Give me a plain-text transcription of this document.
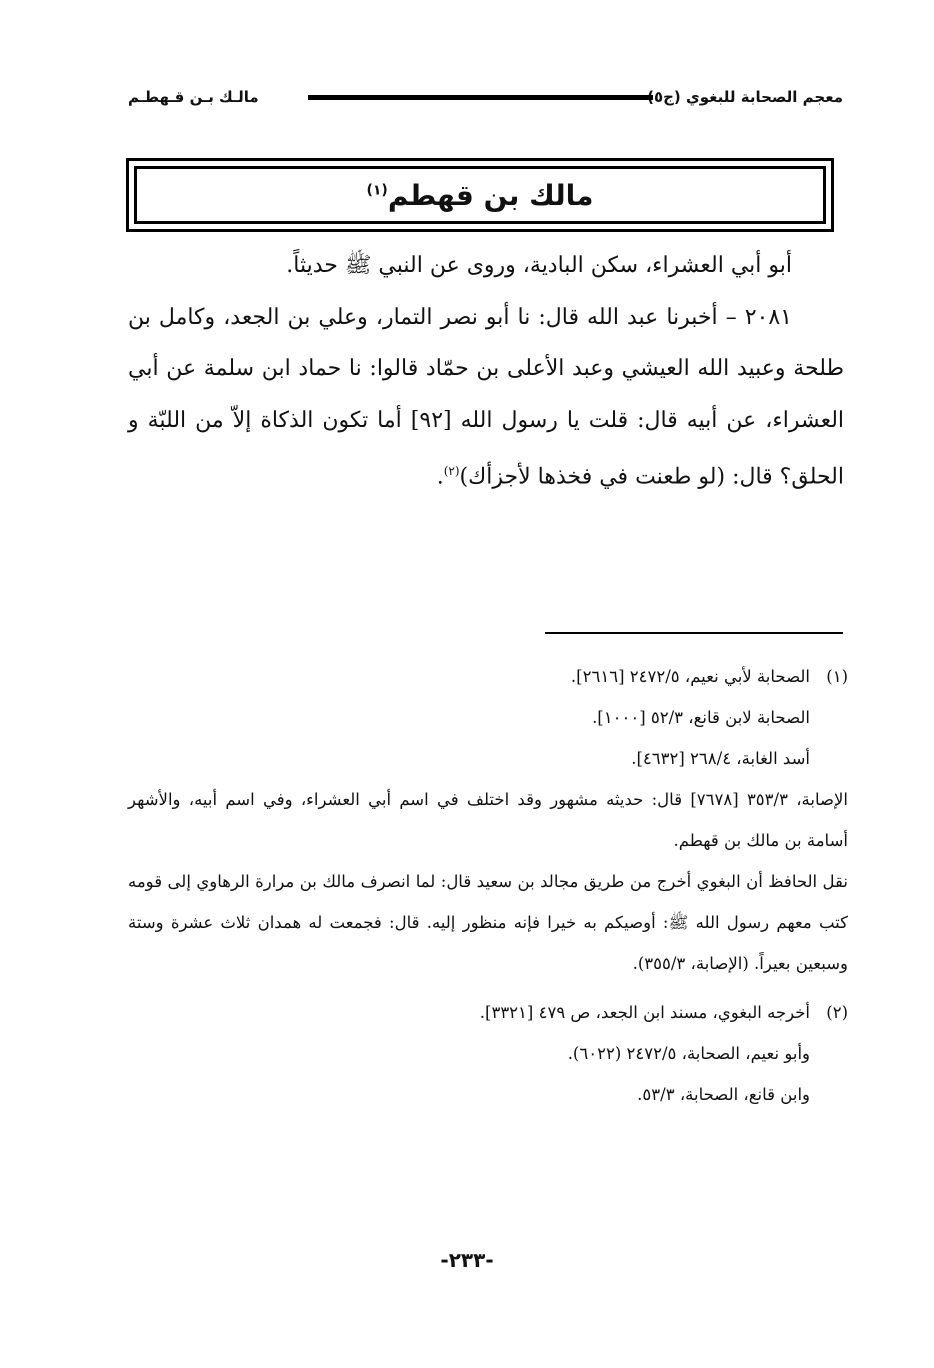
معجم الصحابة للبغوي (ج٥
مالـك بـن قـهطـم
مالك بن قهطم$^{(١)}$

أبو أبي العشراء، سكن البادية، وروى عن النبي ﷺ حديثاً.

٢٠٨١ – أخبرنا عبد الله قال: نا أبو نصر التمار، وعلي بن الجعد، وكامل بن طلحة وعبيد الله العيشي وعبد الأعلى بن حمّاد قالوا: نا حماد ابن سلمة عن أبي العشراء، عن أبيه قال: قلت يا رسول الله [٩٢] أما تكون الذكاة إلاّ من اللبّة و الحلق؟ قال: (لو طعنت في فخذها لأجزأك)$^{(٢)}$.

(١)الصحابة لأبي نعيم، ٢٤٧٢/٥ [٢٦١٦].
الصحابة لابن قانع، ٥٢/٣ [١٠٠٠].
أسد الغابة، ٢٦٨/٤ [٤٦٣٢].
الإصابة، ٣٥٣/٣ [٧٦٧٨] قال: حديثه مشهور وقد اختلف في اسم أبي العشراء، وفي اسم أبيه، والأشهر أسامة بن مالك بن قهطم.
نقل الحافظ أن البغوي أخرج من طريق مجالد بن سعيد قال: لما انصرف مالك بن مرارة الرهاوي إلى قومه كتب معهم رسول الله ﷺ: أوصيكم به خيرا فإنه منظور إليه. قال: فجمعت له همدان ثلاث عشرة وستة وسبعين بعيراً. (الإصابة، ٣٥٥/٣).
(٢)أخرجه البغوي، مسند ابن الجعد، ص ٤٧٩ [٣٣٢١].
وأبو نعيم، الصحابة، ٢٤٧٢/٥ (٦٠٢٢).
وابن قانع، الصحابة، ٥٣/٣.
-٢٣٣-
